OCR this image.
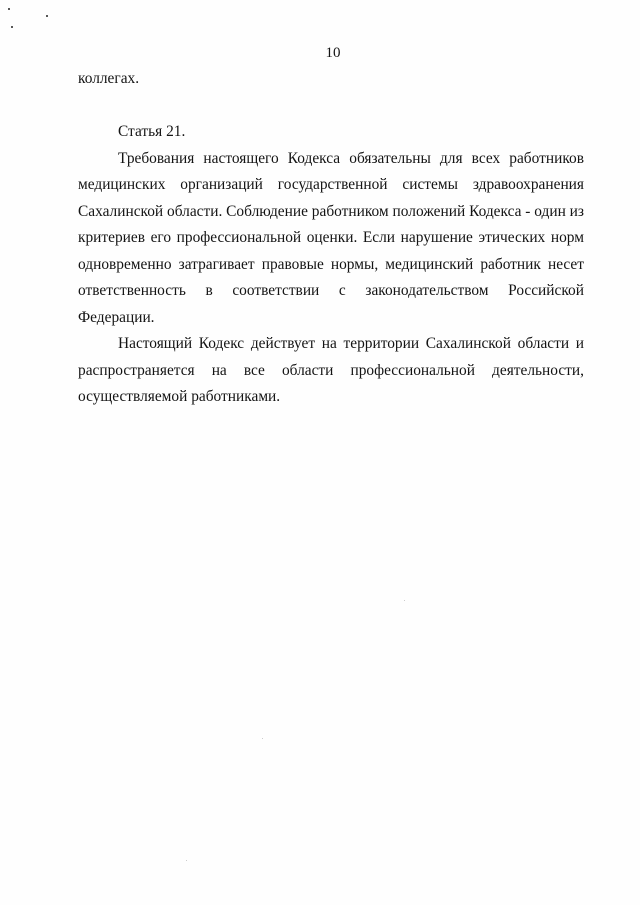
10

коллегах.

Статья 21.

Требования настоящего Кодекса обязательны для всех работников медицинских организаций государственной системы здравоохранения Сахалинской области. Соблюдение работником положений Кодекса - один из критериев его профессиональной оценки. Если нарушение этических норм одновременно затрагивает правовые нормы, медицинский работник несет ответственность в соответствии с законодательством Российской Федерации.

Настоящий Кодекс действует на территории Сахалинской области и распространяется на все области профессиональной деятельности, осуществляемой работниками.
